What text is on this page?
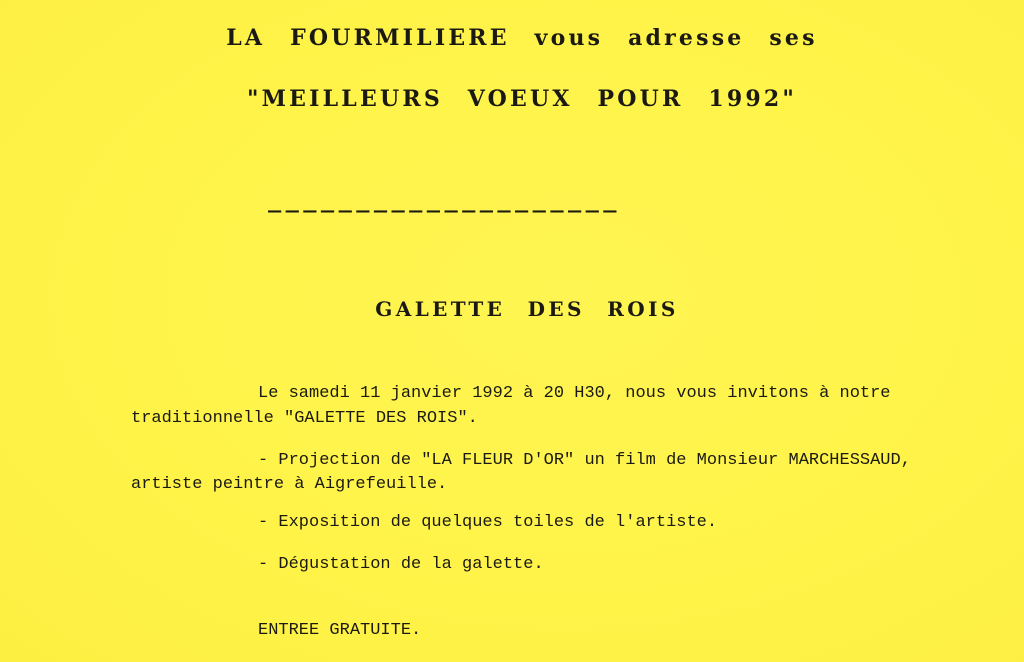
LA FOURMILIERE vous adresse ses
"MEILLEURS VOEUX POUR 1992"
____________________
GALETTE DES ROIS
Le samedi 11 janvier 1992 à 20 H30, nous vous invitons à notre
traditionnelle "GALETTE DES ROIS".
- Projection de "LA FLEUR D'OR" un film de Monsieur MARCHESSAUD,
artiste peintre à Aigrefeuille.
- Exposition de quelques toiles de l'artiste.
- Dégustation de la galette.
ENTREE GRATUITE.
